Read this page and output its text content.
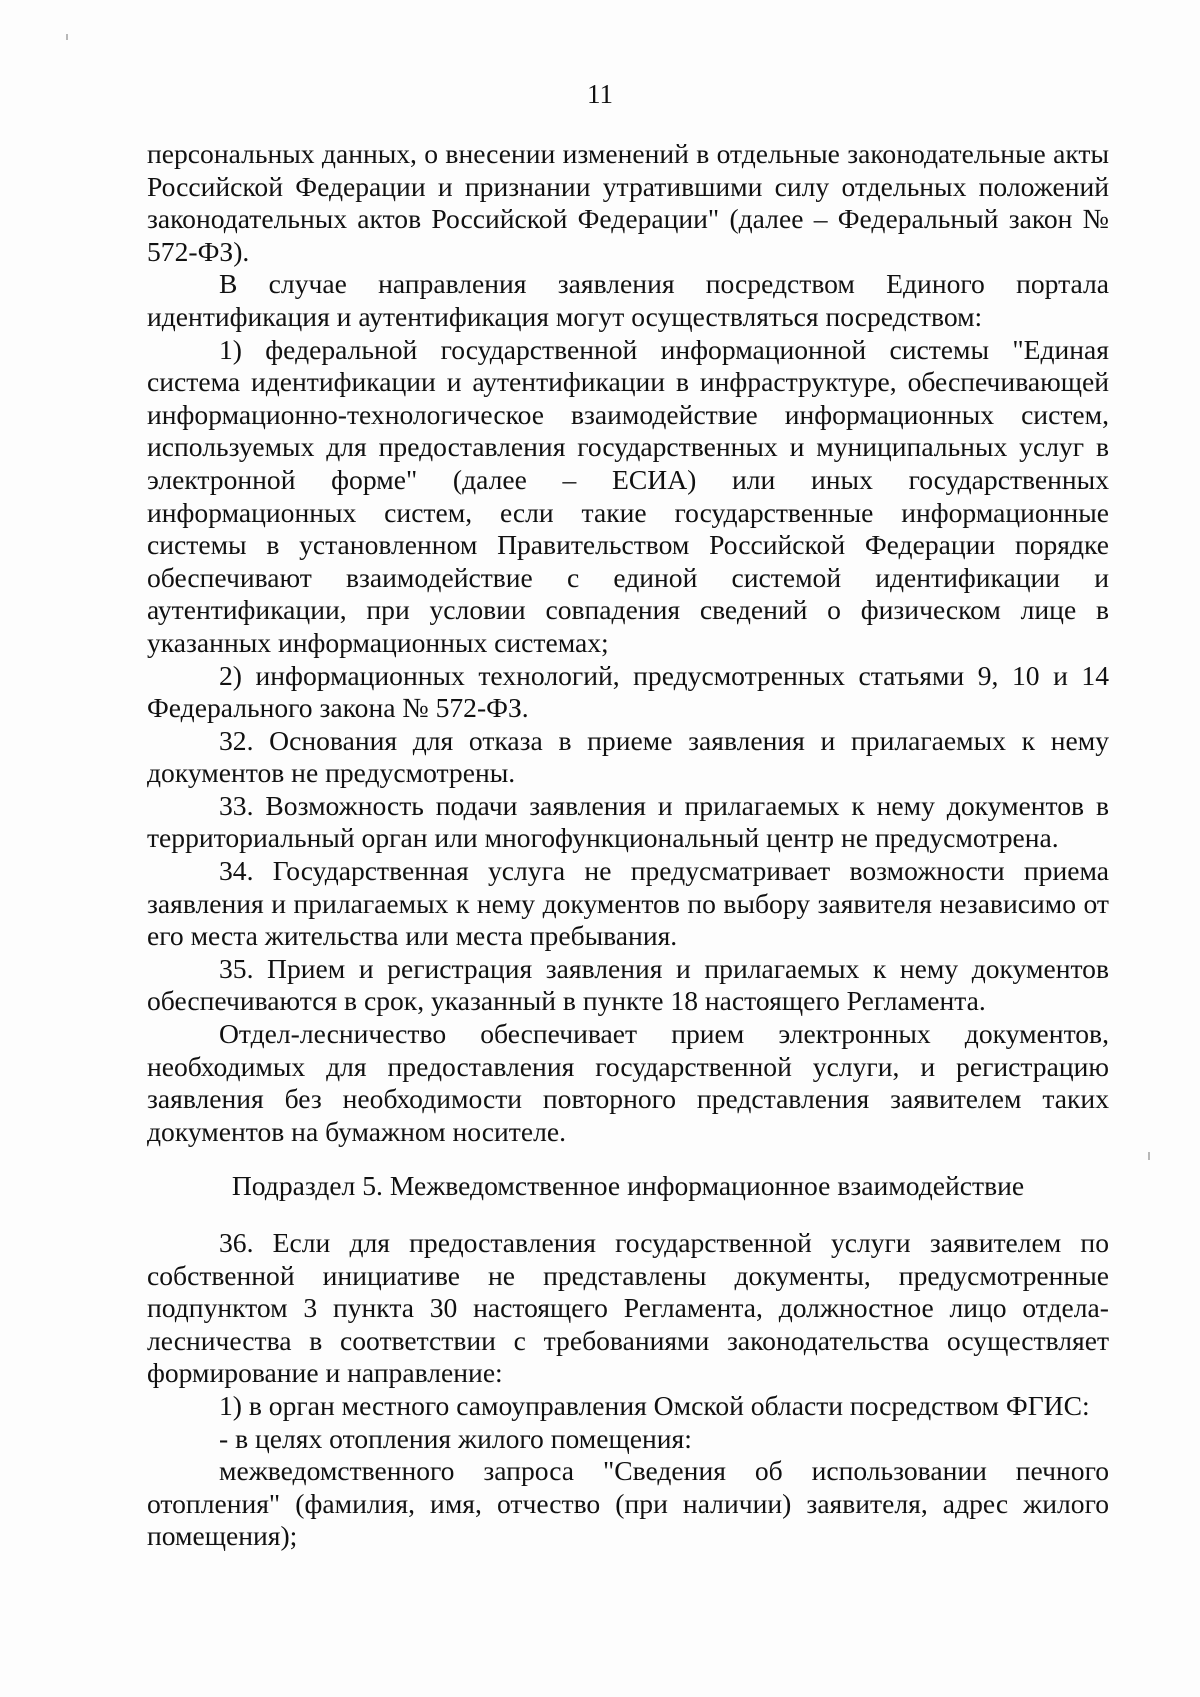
11

персональных данных, о внесении изменений в отдельные законодательные акты Российской Федерации и признании утратившими силу отдельных положений законодательных актов Российской Федерации" (далее – Федеральный закон № 572-ФЗ).

В случае направления заявления посредством Единого портала идентификация и аутентификация могут осуществляться посредством:

1) федеральной государственной информационной системы "Единая система идентификации и аутентификации в инфраструктуре, обеспечивающей информационно-технологическое взаимодействие информационных систем, используемых для предоставления государственных и муниципальных услуг в электронной форме" (далее – ЕСИА) или иных государственных информационных систем, если такие государственные информационные системы в установленном Правительством Российской Федерации порядке обеспечивают взаимодействие с единой системой идентификации и аутентификации, при условии совпадения сведений о физическом лице в указанных информационных системах;

2) информационных технологий, предусмотренных статьями 9, 10 и 14 Федерального закона № 572-ФЗ.

32. Основания для отказа в приеме заявления и прилагаемых к нему документов не предусмотрены.

33. Возможность подачи заявления и прилагаемых к нему документов в территориальный орган или многофункциональный центр не предусмотрена.

34. Государственная услуга не предусматривает возможности приема заявления и прилагаемых к нему документов по выбору заявителя независимо от его места жительства или места пребывания.

35. Прием и регистрация заявления и прилагаемых к нему документов обеспечиваются в срок, указанный в пункте 18 настоящего Регламента.

Отдел-лесничество обеспечивает прием электронных документов, необходимых для предоставления государственной услуги, и регистрацию заявления без необходимости повторного представления заявителем таких документов на бумажном носителе.

Подраздел 5. Межведомственное информационное взаимодействие

36. Если для предоставления государственной услуги заявителем по собственной инициативе не представлены документы, предусмотренные подпунктом 3 пункта 30 настоящего Регламента, должностное лицо отдела-лесничества в соответствии с требованиями законодательства осуществляет формирование и направление:

1) в орган местного самоуправления Омской области посредством ФГИС:

- в целях отопления жилого помещения:

межведомственного запроса "Сведения об использовании печного отопления" (фамилия, имя, отчество (при наличии) заявителя, адрес жилого помещения);
